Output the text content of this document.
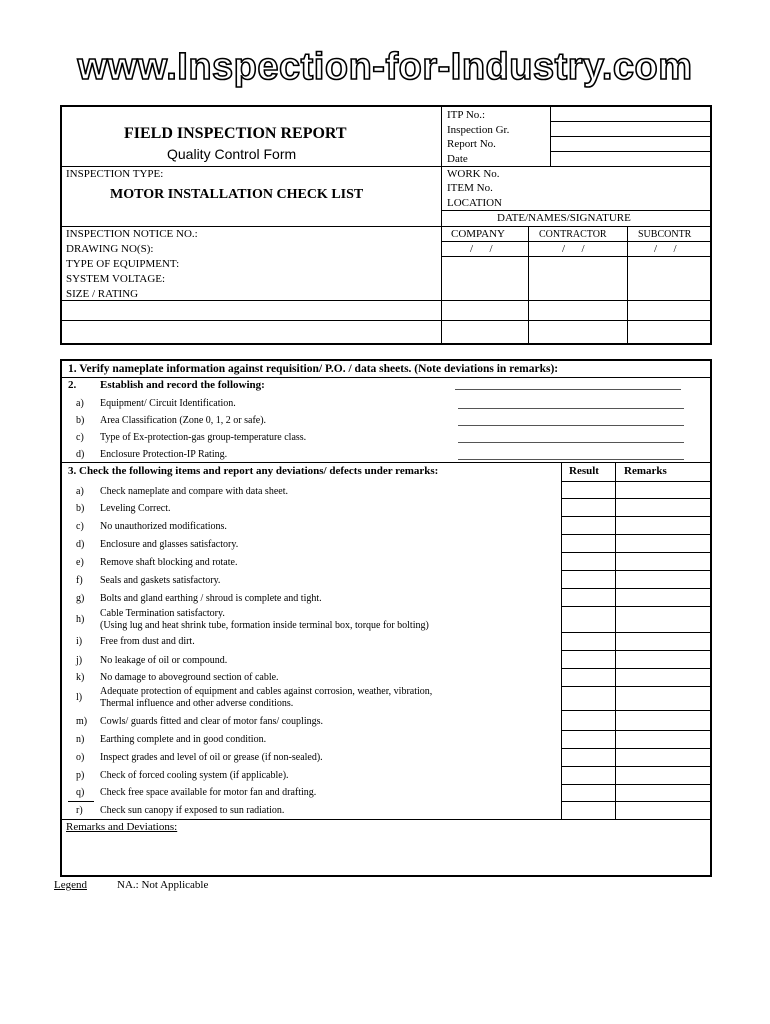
www.Inspection-for-Industry.com
FIELD INSPECTION REPORT
Quality Control Form
INSPECTION TYPE:
MOTOR INSTALLATION CHECK LIST
ITP No.:
Inspection Gr.
Report No.
Date
WORK No.
ITEM No.
LOCATION
DATE/NAMES/SIGNATURE
COMPANY	CONTRACTOR	SUBCONTR
/      /	/      /	/      /
INSPECTION NOTICE NO.:
DRAWING NO(S):
TYPE OF EQUIPMENT:
SYSTEM VOLTAGE:
SIZE / RATING
1. Verify nameplate information against requisition/ P.O. / data sheets. (Note deviations in remarks):
2. Establish and record the following:
a) Equipment/ Circuit Identification.
b) Area Classification (Zone 0, 1, 2 or safe).
c) Type of Ex-protection-gas group-temperature class.
d) Enclosure Protection-IP Rating.
3. Check the following items and report any deviations/ defects under remarks:	Result Remarks
a) Check nameplate and compare with data sheet.
b) Leveling Correct.
c) No unauthorized modifications.
d) Enclosure and glasses satisfactory.
e) Remove shaft blocking and rotate.
f) Seals and gaskets satisfactory.
g) Bolts and gland earthing / shroud is complete and tight.
h)
Cable Termination satisfactory.
(Using lug and heat shrink tube, formation inside terminal box, torque for bolting)
i) Free from dust and dirt.
j) No leakage of oil or compound.
k) No damage to aboveground section of cable.
l)
Adequate protection of equipment and cables against corrosion, weather, vibration,
Thermal influence and other adverse conditions.
m) Cowls/ guards fitted and clear of motor fans/ couplings.
n) Earthing complete and in good condition.
o) Inspect grades and level of oil or grease (if non-sealed).
p) Check of forced cooling system (if applicable).
q) Check free space available for motor fan and drafting.
r) Check sun canopy if exposed to sun radiation.
Remarks and Deviations:
Legend	NA.: Not Applicable
